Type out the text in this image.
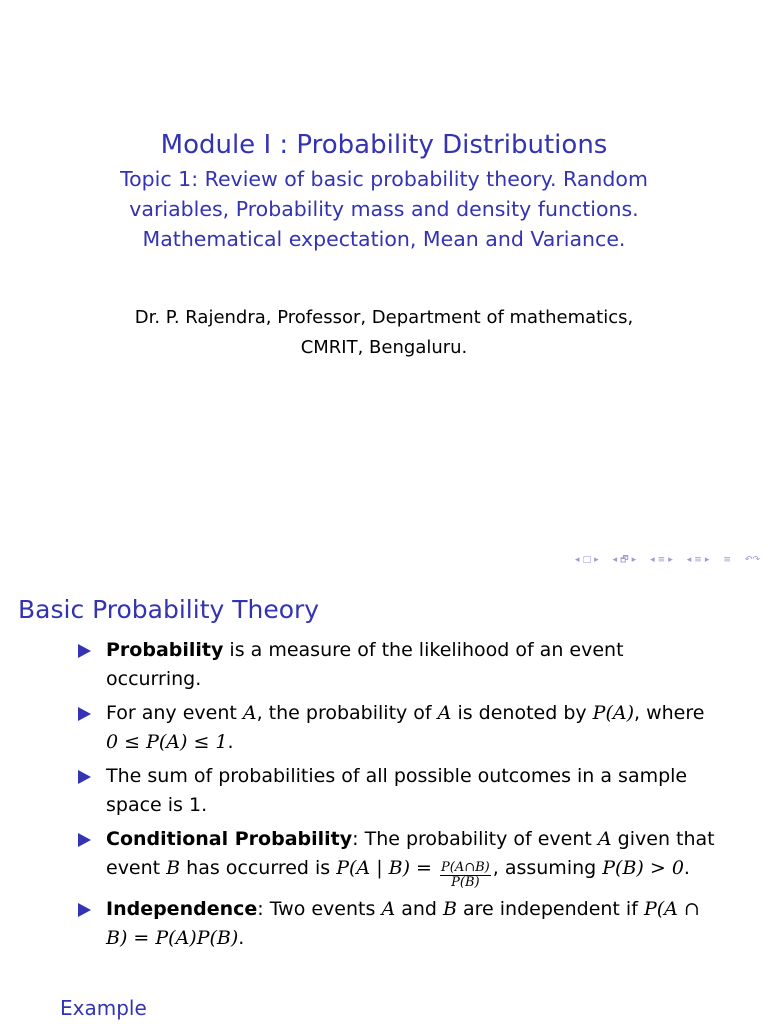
Module I : Probability Distributions
Topic 1: Review of basic probability theory. Random
variables, Probability mass and density functions.
Mathematical expectation, Mean and Variance.
Dr. P. Rajendra, Professor, Department of mathematics,
CMRIT, Bengaluru.
◂ □ ▸ ◂ 🗗 ▸ ◂ ≡ ▸ ◂ ≡ ▸ ≡ ↶↷
Basic Probability Theory
Probability is a measure of the likelihood of an event occurring.
For any event A, the probability of A is denoted by P(A), where 0 ≤ P(A) ≤ 1.
The sum of probabilities of all possible outcomes in a sample space is 1.
Conditional Probability: The probability of event A given that event B has occurred is P(A | $B) = \frac{P(A\cap B)}{P(B)}$ , assuming P(B) > 0.
Independence: Two events A and B are independent if P(A ∩ B) = P(A)P(B).
Example
